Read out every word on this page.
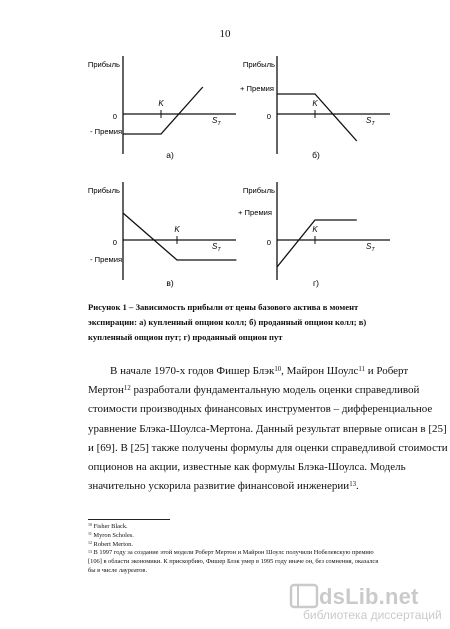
10
Прибыль
0
- Премия
K
$S_T$
а)
Прибыль
0
+ Премия
K
$S_T$
б)
Прибыль
0
- Премия
K
$S_T$
в)
Прибыль
0
+ Премия
K
$S_T$
г)
Рисунок 1 – Зависимость прибыли от цены базового актива в момент
экспирации: а) купленный опцион колл; б) проданный опцион колл; в)
купленный опцион пут; г) проданный опцион пут
В начале 1970-х годов Фишер Блэк$^{10}$, Майрон Шоулс$^{11}$ и Роберт
Мертон$^{12}$ разработали фундаментальную модель оценки справедливой
стоимости производных финансовых инструментов – дифференциальное
уравнение Блэка-Шоулса-Мертона. Данный результат впервые описан в [25]
и [69]. В [25] также получены формулы для оценки справедливой стоимости
опционов на акции, известные как формулы Блэка-Шоулса. Модель
значительно ускорила развитие финансовой инженерии$^{13}$.
$^{10}$ Fisher Black.
$^{11}$ Myron Scholes.
$^{12}$ Robert Merton.
$^{13}$ В 1997 году за создание этой модели Роберт Мертон и Майрон Шоулс получили Нобелевскую премию
[106] в области экономики. К прискорбию, Фишер Блэк умер в 1995 году иначе он, без сомнения, оказался
бы в числе лауреатов.
dsLib.net
библиотека диссертаций
